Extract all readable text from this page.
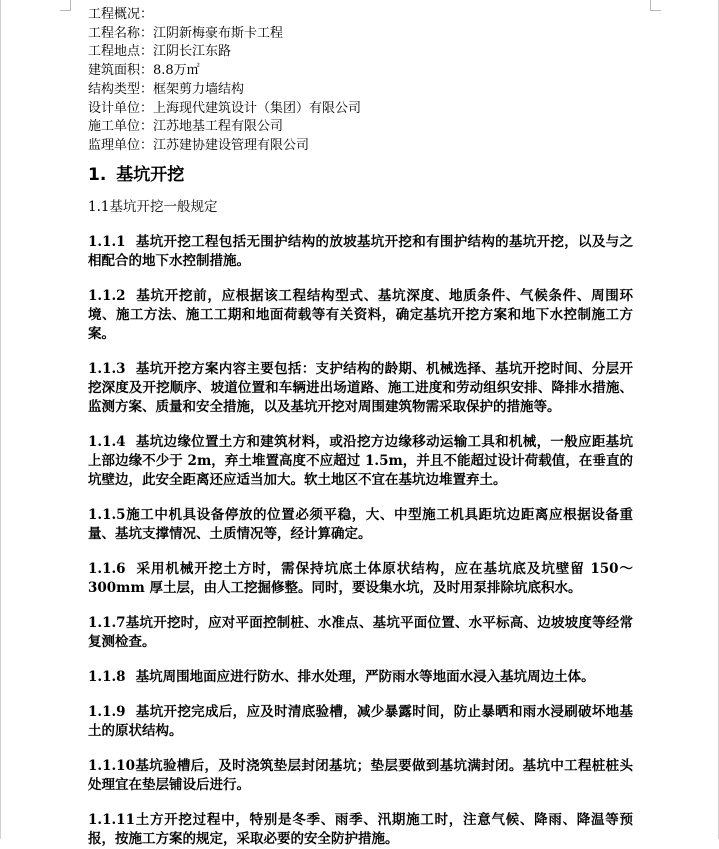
工程概况：
工程名称：江阴新梅豪布斯卡工程
工程地点：江阴长江东路
建筑面积：8.8万㎡
结构类型：框架剪力墙结构
设计单位：上海现代建筑设计（集团）有限公司
施工单位：江苏地基工程有限公司
监理单位：江苏建协建设管理有限公司
1. 基坑开挖
1.1基坑开挖一般规定
1.1.1 基坑开挖工程包括无围护结构的放坡基坑开挖和有围护结构的基坑开挖，以及与之相配合的地下水控制措施。
1.1.2 基坑开挖前，应根据该工程结构型式、基坑深度、地质条件、气候条件、周围环境、施工方法、施工工期和地面荷载等有关资料，确定基坑开挖方案和地下水控制施工方案。
1.1.3 基坑开挖方案内容主要包括：支护结构的龄期、机械选择、基坑开挖时间、分层开挖深度及开挖顺序、坡道位置和车辆进出场道路、施工进度和劳动组织安排、降排水措施、监测方案、质量和安全措施，以及基坑开挖对周围建筑物需采取保护的措施等。
1.1.4 基坑边缘位置土方和建筑材料，或沿挖方边缘移动运输工具和机械，一般应距基坑上部边缘不少于 2m，弃土堆置高度不应超过 1.5m，并且不能超过设计荷载值，在垂直的坑壁边，此安全距离还应适当加大。软土地区不宜在基坑边堆置弃土。
1.1.5施工中机具设备停放的位置必须平稳，大、中型施工机具距坑边距离应根据设备重量、基坑支撑情况、土质情况等，经计算确定。
1.1.6 采用机械开挖土方时，需保持坑底土体原状结构，应在基坑底及坑壁留 150～300mm 厚土层，由人工挖掘修整。同时，要设集水坑，及时用泵排除坑底积水。
1.1.7基坑开挖时，应对平面控制桩、水准点、基坑平面位置、水平标高、边坡坡度等经常复测检查。
1.1.8 基坑周围地面应进行防水、排水处理，严防雨水等地面水浸入基坑周边土体。
1.1.9 基坑开挖完成后，应及时清底验槽，减少暴露时间，防止暴晒和雨水浸刷破坏地基土的原状结构。
1.1.10基坑验槽后，及时浇筑垫层封闭基坑；垫层要做到基坑满封闭。基坑中工程桩桩头处理宜在垫层铺设后进行。
1.1.11土方开挖过程中，特别是冬季、雨季、汛期施工时，注意气候、降雨、降温等预报，按施工方案的规定，采取必要的安全防护措施。
